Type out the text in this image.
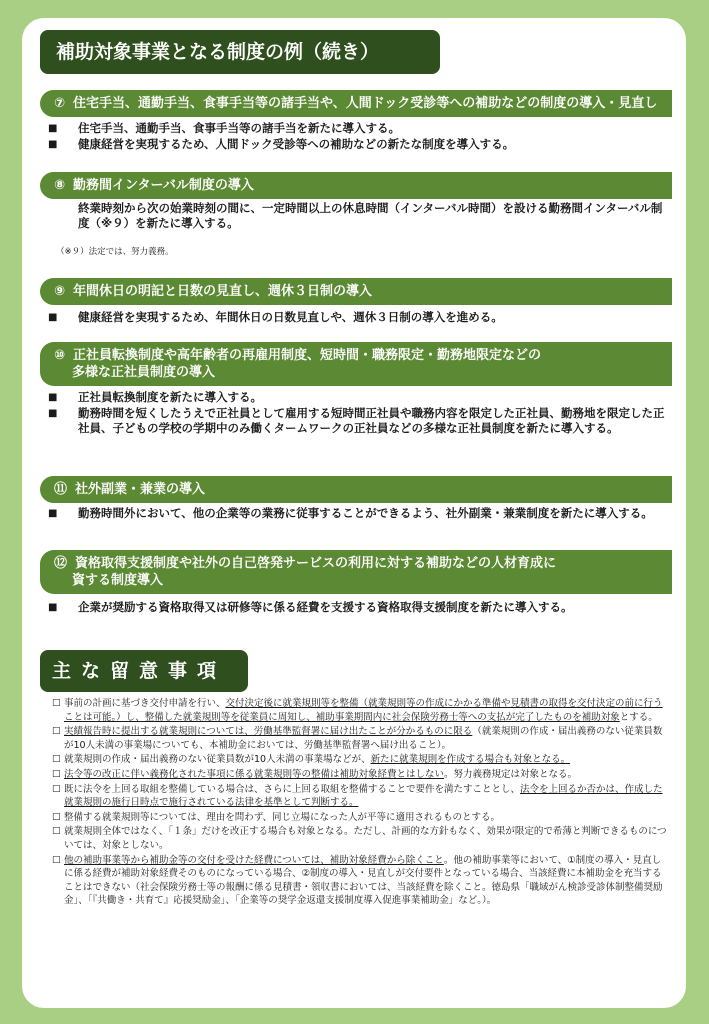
補助対象事業となる制度の例（続き）
⑦ 住宅手当、通勤手当、食事手当等の諸手当や、人間ドック受診等への補助などの制度の導入・見直し
■	住宅手当、通勤手当、食事手当等の諸手当を新たに導入する。
■	健康経営を実現するため、人間ドック受診等への補助などの新たな制度を導入する。
⑧ 勤務間インターバル制度の導入
終業時刻から次の始業時刻の間に、一定時間以上の休息時間（インターバル時間）を設ける勤務間インターバル制度（※９）を新たに導入する。
（※９）法定では、努力義務。
⑨ 年間休日の明記と日数の見直し、週休３日制の導入
■	健康経営を実現するため、年間休日の日数見直しや、週休３日制の導入を進める。
⑩ 正社員転換制度や高年齢者の再雇用制度、短時間・職務限定・勤務地限定などの
多様な正社員制度の導入
■	正社員転換制度を新たに導入する。
■	勤務時間を短くしたうえで正社員として雇用する短時間正社員や職務内容を限定した正社員、勤務地を限定した正社員、子どもの学校の学期中のみ働くタームワークの正社員などの多様な正社員制度を新たに導入する。
⑪ 社外副業・兼業の導入
■	勤務時間外において、他の企業等の業務に従事することができるよう、社外副業・兼業制度を新たに導入する。
⑫ 資格取得支援制度や社外の自己啓発サービスの利用に対する補助などの人材育成に
資する制度導入
■	企業が奨励する資格取得又は研修等に係る経費を支援する資格取得支援制度を新たに導入する。
主な留意事項
□ 事前の計画に基づき交付申請を行い、交付決定後に就業規則等を整備（就業規則等の作成にかかる準備や見積書の取得を交付決定の前に行うことは可能。）し、整備した就業規則等を従業員に周知し、補助事業期間内に社会保険労務士等への支払が完了したものを補助対象とする。
□ 実績報告時に提出する就業規則については、労働基準監督署に届け出たことが分かるものに限る（就業規則の作成・届出義務のない従業員数が10人未満の事業場についても、本補助金においては、労働基準監督署へ届け出ること）。
□ 就業規則の作成・届出義務のない従業員数が10人未満の事業場などが、新たに就業規則を作成する場合も対象となる。
□ 法令等の改正に伴い義務化された事項に係る就業規則等の整備は補助対象経費とはしない。努力義務規定は対象となる。
□ 既に法令を上回る取組を整備している場合は、さらに上回る取組を整備することで要件を満たすこととし、法令を上回るか否かは、作成した就業規則の施行日時点で施行されている法律を基準として判断する。
□ 整備する就業規則等については、理由を問わず、同じ立場になった人が平等に適用されるものとする。
□ 就業規則全体ではなく、「１条」だけを改正する場合も対象となる。ただし、計画的な方針もなく、効果が限定的で希薄と判断できるものについては、対象としない。
□ 他の補助事業等から補助金等の交付を受けた経費については、補助対象経費から除くこと。他の補助事業等において、①制度の導入・見直しに係る経費が補助対象経費そのものになっている場合、②制度の導入・見直しが交付要件となっている場合、当該経費に本補助金を充当することはできない（社会保険労務士等の報酬に係る見積書・領収書においては、当該経費を除くこと。徳島県「職域がん検診受診体制整備奨励金」、「『共働き・共育て』応援奨励金」、「企業等の奨学金返還支援制度導入促進事業補助金」など。）。
